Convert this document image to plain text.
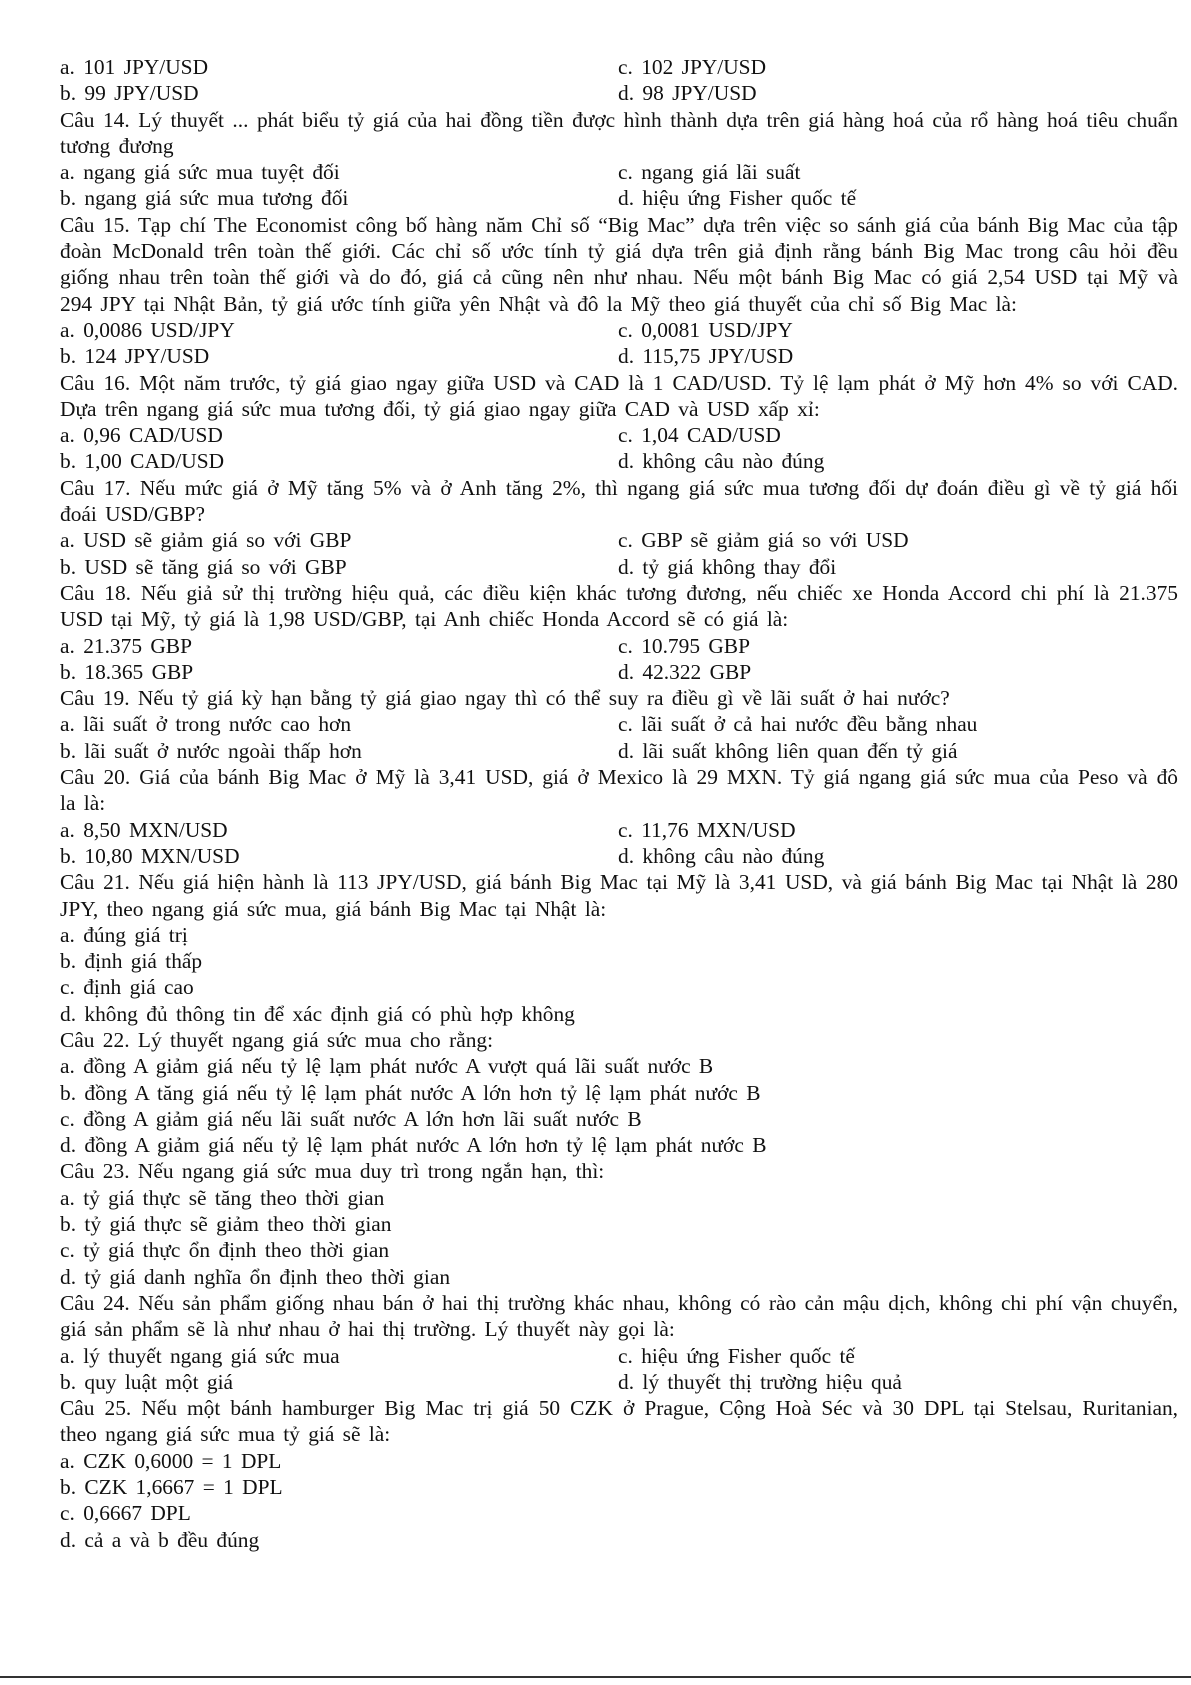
a. 101 JPY/USD	c. 102 JPY/USD
b. 99 JPY/USD	d. 98 JPY/USD

Câu 14. Lý thuyết ... phát biểu tỷ giá của hai đồng tiền được hình thành dựa trên giá hàng hoá của rổ hàng hoá tiêu chuẩn tương đương

a. ngang giá sức mua tuyệt đối	c. ngang giá lãi suất
b. ngang giá sức mua tương đối	d. hiệu ứng Fisher quốc tế

Câu 15. Tạp chí The Economist công bố hàng năm Chỉ số “Big Mac” dựa trên việc so sánh giá của bánh Big Mac của tập đoàn McDonald trên toàn thế giới. Các chỉ số ước tính tỷ giá dựa trên giả định rằng bánh Big Mac trong câu hỏi đều giống nhau trên toàn thế giới và do đó, giá cả cũng nên như nhau. Nếu một bánh Big Mac có giá 2,54 USD tại Mỹ và 294 JPY tại Nhật Bản, tỷ giá ước tính giữa yên Nhật và đô la Mỹ theo giá thuyết của chỉ số Big Mac là:

a. 0,0086 USD/JPY	c. 0,0081 USD/JPY
b. 124 JPY/USD	d. 115,75 JPY/USD

Câu 16. Một năm trước, tỷ giá giao ngay giữa USD và CAD là 1 CAD/USD. Tỷ lệ lạm phát ở Mỹ hơn 4% so với CAD. Dựa trên ngang giá sức mua tương đối, tỷ giá giao ngay giữa CAD và USD xấp xỉ:

a. 0,96 CAD/USD	c. 1,04 CAD/USD
b. 1,00 CAD/USD	d. không câu nào đúng

Câu 17. Nếu mức giá ở Mỹ tăng 5% và ở Anh tăng 2%, thì ngang giá sức mua tương đối dự đoán điều gì về tỷ giá hối đoái USD/GBP?

a. USD sẽ giảm giá so với GBP	c. GBP sẽ giảm giá so với USD
b. USD sẽ tăng giá so với GBP	d. tỷ giá không thay đổi

Câu 18. Nếu giả sử thị trường hiệu quả, các điều kiện khác tương đương, nếu chiếc xe Honda Accord chi phí là 21.375 USD tại Mỹ, tỷ giá là 1,98 USD/GBP, tại Anh chiếc Honda Accord sẽ có giá là:

a. 21.375 GBP	c. 10.795 GBP
b. 18.365 GBP	d. 42.322 GBP

Câu 19. Nếu tỷ giá kỳ hạn bằng tỷ giá giao ngay thì có thể suy ra điều gì về lãi suất ở hai nước?

a. lãi suất ở trong nước cao hơn	c. lãi suất ở cả hai nước đều bằng nhau
b. lãi suất ở nước ngoài thấp hơn	d. lãi suất không liên quan đến tỷ giá

Câu 20. Giá của bánh Big Mac ở Mỹ là 3,41 USD, giá ở Mexico là 29 MXN. Tỷ giá ngang giá sức mua của Peso và đô la là:

a. 8,50 MXN/USD	c. 11,76 MXN/USD
b. 10,80 MXN/USD	d. không câu nào đúng

Câu 21. Nếu giá hiện hành là 113 JPY/USD, giá bánh Big Mac tại Mỹ là 3,41 USD, và giá bánh Big Mac tại Nhật là 280 JPY, theo ngang giá sức mua, giá bánh Big Mac tại Nhật là:

a. đúng giá trị
b. định giá thấp
c. định giá cao
d. không đủ thông tin để xác định giá có phù hợp không

Câu 22. Lý thuyết ngang giá sức mua cho rằng:

a. đồng A giảm giá nếu tỷ lệ lạm phát nước A vượt quá lãi suất nước B
b. đồng A tăng giá nếu tỷ lệ lạm phát nước A lớn hơn tỷ lệ lạm phát nước B
c. đồng A giảm giá nếu lãi suất nước A lớn hơn lãi suất nước B
d. đồng A giảm giá nếu tỷ lệ lạm phát nước A lớn hơn tỷ lệ lạm phát nước B

Câu 23. Nếu ngang giá sức mua duy trì trong ngắn hạn, thì:

a. tỷ giá thực sẽ tăng theo thời gian
b. tỷ giá thực sẽ giảm theo thời gian
c. tỷ giá thực ổn định theo thời gian
d. tỷ giá danh nghĩa ổn định theo thời gian

Câu 24. Nếu sản phẩm giống nhau bán ở hai thị trường khác nhau, không có rào cản mậu dịch, không chi phí vận chuyển, giá sản phẩm sẽ là như nhau ở hai thị trường. Lý thuyết này gọi là:

a. lý thuyết ngang giá sức mua	c. hiệu ứng Fisher quốc tế
b. quy luật một giá	d. lý thuyết thị trường hiệu quả

Câu 25. Nếu một bánh hamburger Big Mac trị giá 50 CZK ở Prague, Cộng Hoà Séc và 30 DPL tại Stelsau, Ruritanian, theo ngang giá sức mua tỷ giá sẽ là:

a. CZK 0,6000 = 1 DPL
b. CZK 1,6667 = 1 DPL
c. 0,6667 DPL
d. cả a và b đều đúng
